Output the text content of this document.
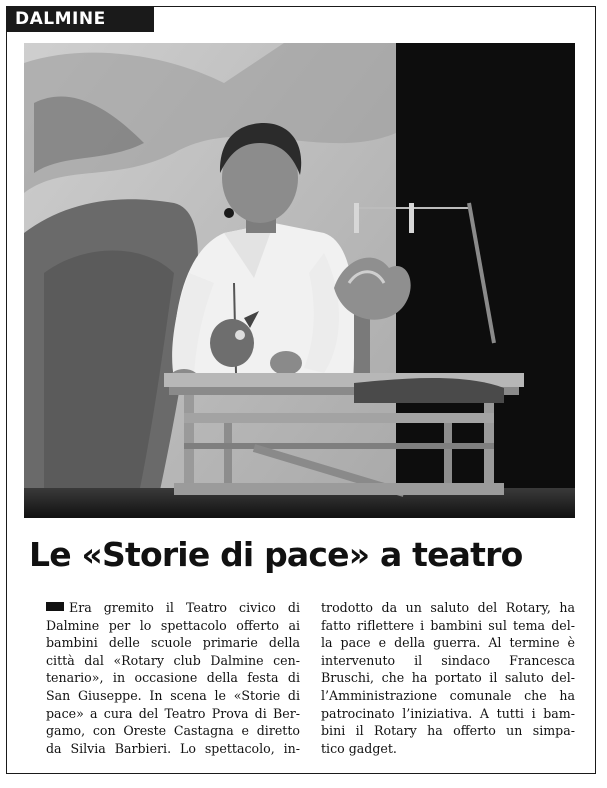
DALMINE
Le «Storie di pace» a teatro
Era gremito il Teatro civico di
Dalmine per lo spettacolo offerto ai
bambini delle scuole primarie della
città dal «Rotary club Dalmine cen-
tenario», in occasione della festa di
San Giuseppe. In scena le «Storie di
pace» a cura del Teatro Prova di Ber-
gamo, con Oreste Castagna e diretto
da Silvia Barbieri. Lo spettacolo, in-
trodotto da un saluto del Rotary, ha
fatto riflettere i bambini sul tema del-
la pace e della guerra. Al termine è
intervenuto il sindaco Francesca
Bruschi, che ha portato il saluto del-
l’Amministrazione comunale che ha
patrocinato l’iniziativa. A tutti i bam-
bini il Rotary ha offerto un simpa-
tico gadget.
